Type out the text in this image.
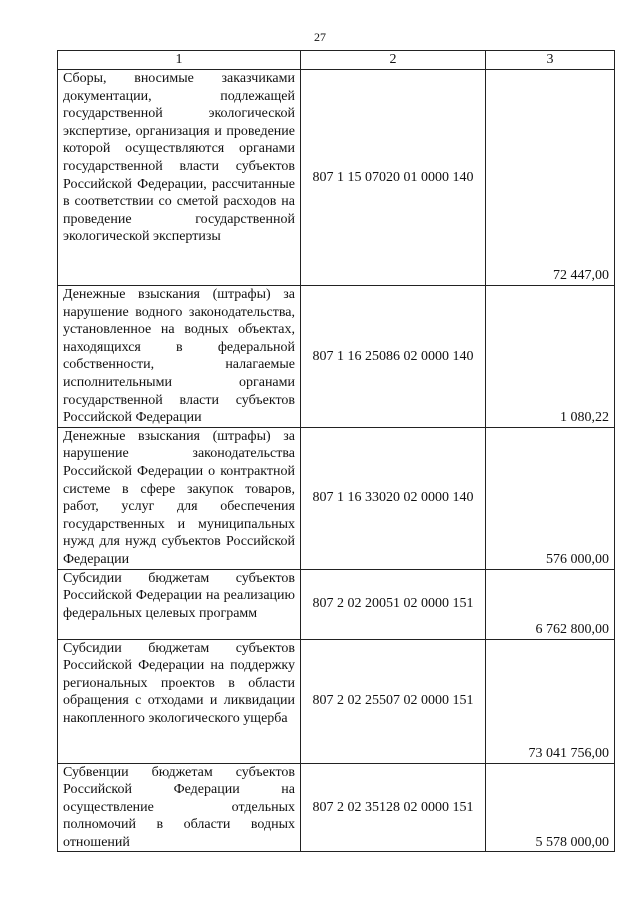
27
1	2	3
Сборы, вносимые заказчиками документации, подлежащей государственной экологической экспертизе, организация и проведение которой осуществляются органами государственной власти субъектов Российской Федерации, рассчитанные в соответствии со сметой расходов на проведение государственной экологической экспертизы	807 1 15 07020 01 0000 140	72 447,00
Денежные взыскания (штрафы) за нарушение водного законодательства, установленное на водных объектах, находящихся в федеральной собственности, налагаемые исполнительными органами государственной власти субъектов Российской Федерации	807 1 16 25086 02 0000 140	1 080,22
Денежные взыскания (штрафы) за нарушение законодательства Российской Федерации о контрактной системе в сфере закупок товаров, работ, услуг для обеспечения государственных и муниципальных нужд для нужд субъектов Российской Федерации	807 1 16 33020 02 0000 140	576 000,00
Субсидии бюджетам субъектов Российской Федерации на реализацию федеральных целевых программ	807 2 02 20051 02 0000 151	6 762 800,00
Субсидии бюджетам субъектов Российской Федерации на поддержку региональных проектов в области обращения с отходами и ликвидации накопленного экологического ущерба	807 2 02 25507 02 0000 151	73 041 756,00
Субвенции бюджетам субъектов Российской Федерации на осуществление отдельных полномочий в области водных отношений	807 2 02 35128 02 0000 151	5 578 000,00
